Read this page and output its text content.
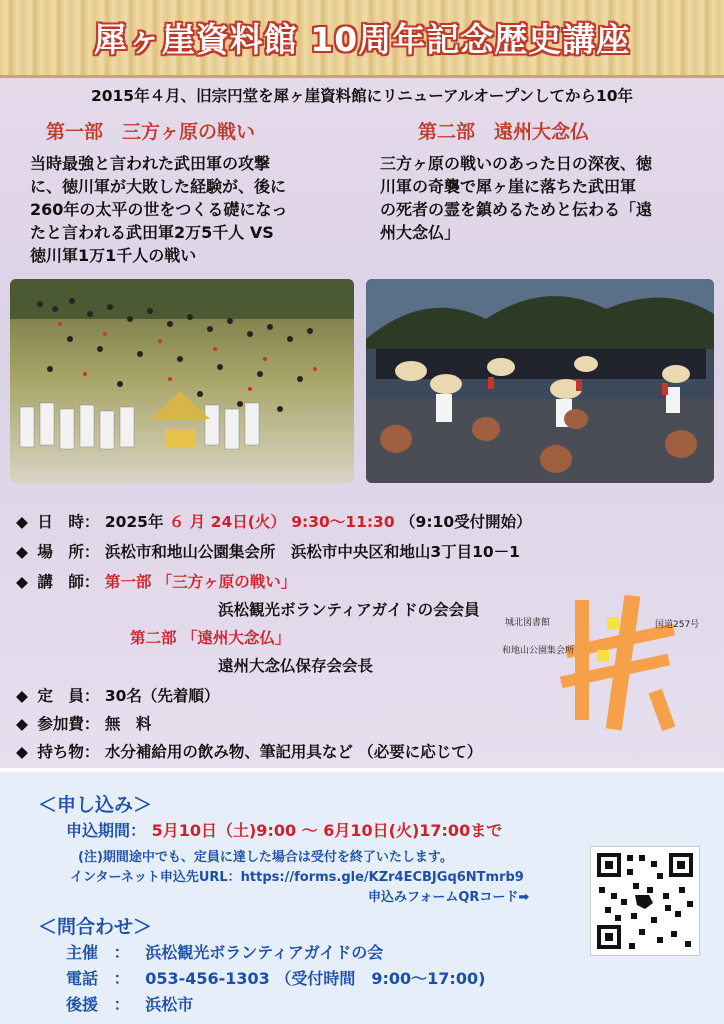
犀ヶ崖資料館 10周年記念歴史講座
2015年４月、旧宗円堂を犀ヶ崖資料館にリニューアルオープンしてから10年
第一部　三方ヶ原の戦い	第二部　遠州大念仏
当時最強と言われた武田軍の攻撃
に、徳川軍が大敗した経験が、後に
260年の太平の世をつくる礎になっ
たと言われる武田軍2万5千人 VS
徳川軍1万1千人の戦い
三方ヶ原の戦いのあった日の深夜、徳
川軍の奇襲で犀ヶ崖に落ちた武田軍
の死者の霊を鎮めるためと伝わる「遠
州大念仏」
◆ 日　時： 2025年 ６ 月 24日(火） 9:30～11:30 （9:10受付開始）
◆ 場　所： 浜松市和地山公園集会所　浜松市中央区和地山3丁目10－1
◆ 講　師： 第一部 「三方ヶ原の戦い」
浜松観光ボランティアガイドの会会員
第二部 「遠州大念仏」
遠州大念仏保存会会長
◆ 定　員： 30名（先着順）
◆ 参加費： 無　料
◆ 持ち物： 水分補給用の飲み物、筆記用具など （必要に応じて）
城北図書館	国道257号
和地山公園集会所
＜申し込み＞
申込期間： 5月10日（土)9:00 ～ 6月10日(火)17:00まで
(注)期間途中でも、定員に達した場合は受付を終了いたします。
インターネット申込先URL：https://forms.gle/KZr4ECBJGq6NTmrb9
申込みフォームQRコード➡
＜問合わせ＞
主催 ： 浜松観光ボランティアガイドの会
電話 ： 053-456-1303 （受付時間　9:00～17:00)
後援 ： 浜松市
